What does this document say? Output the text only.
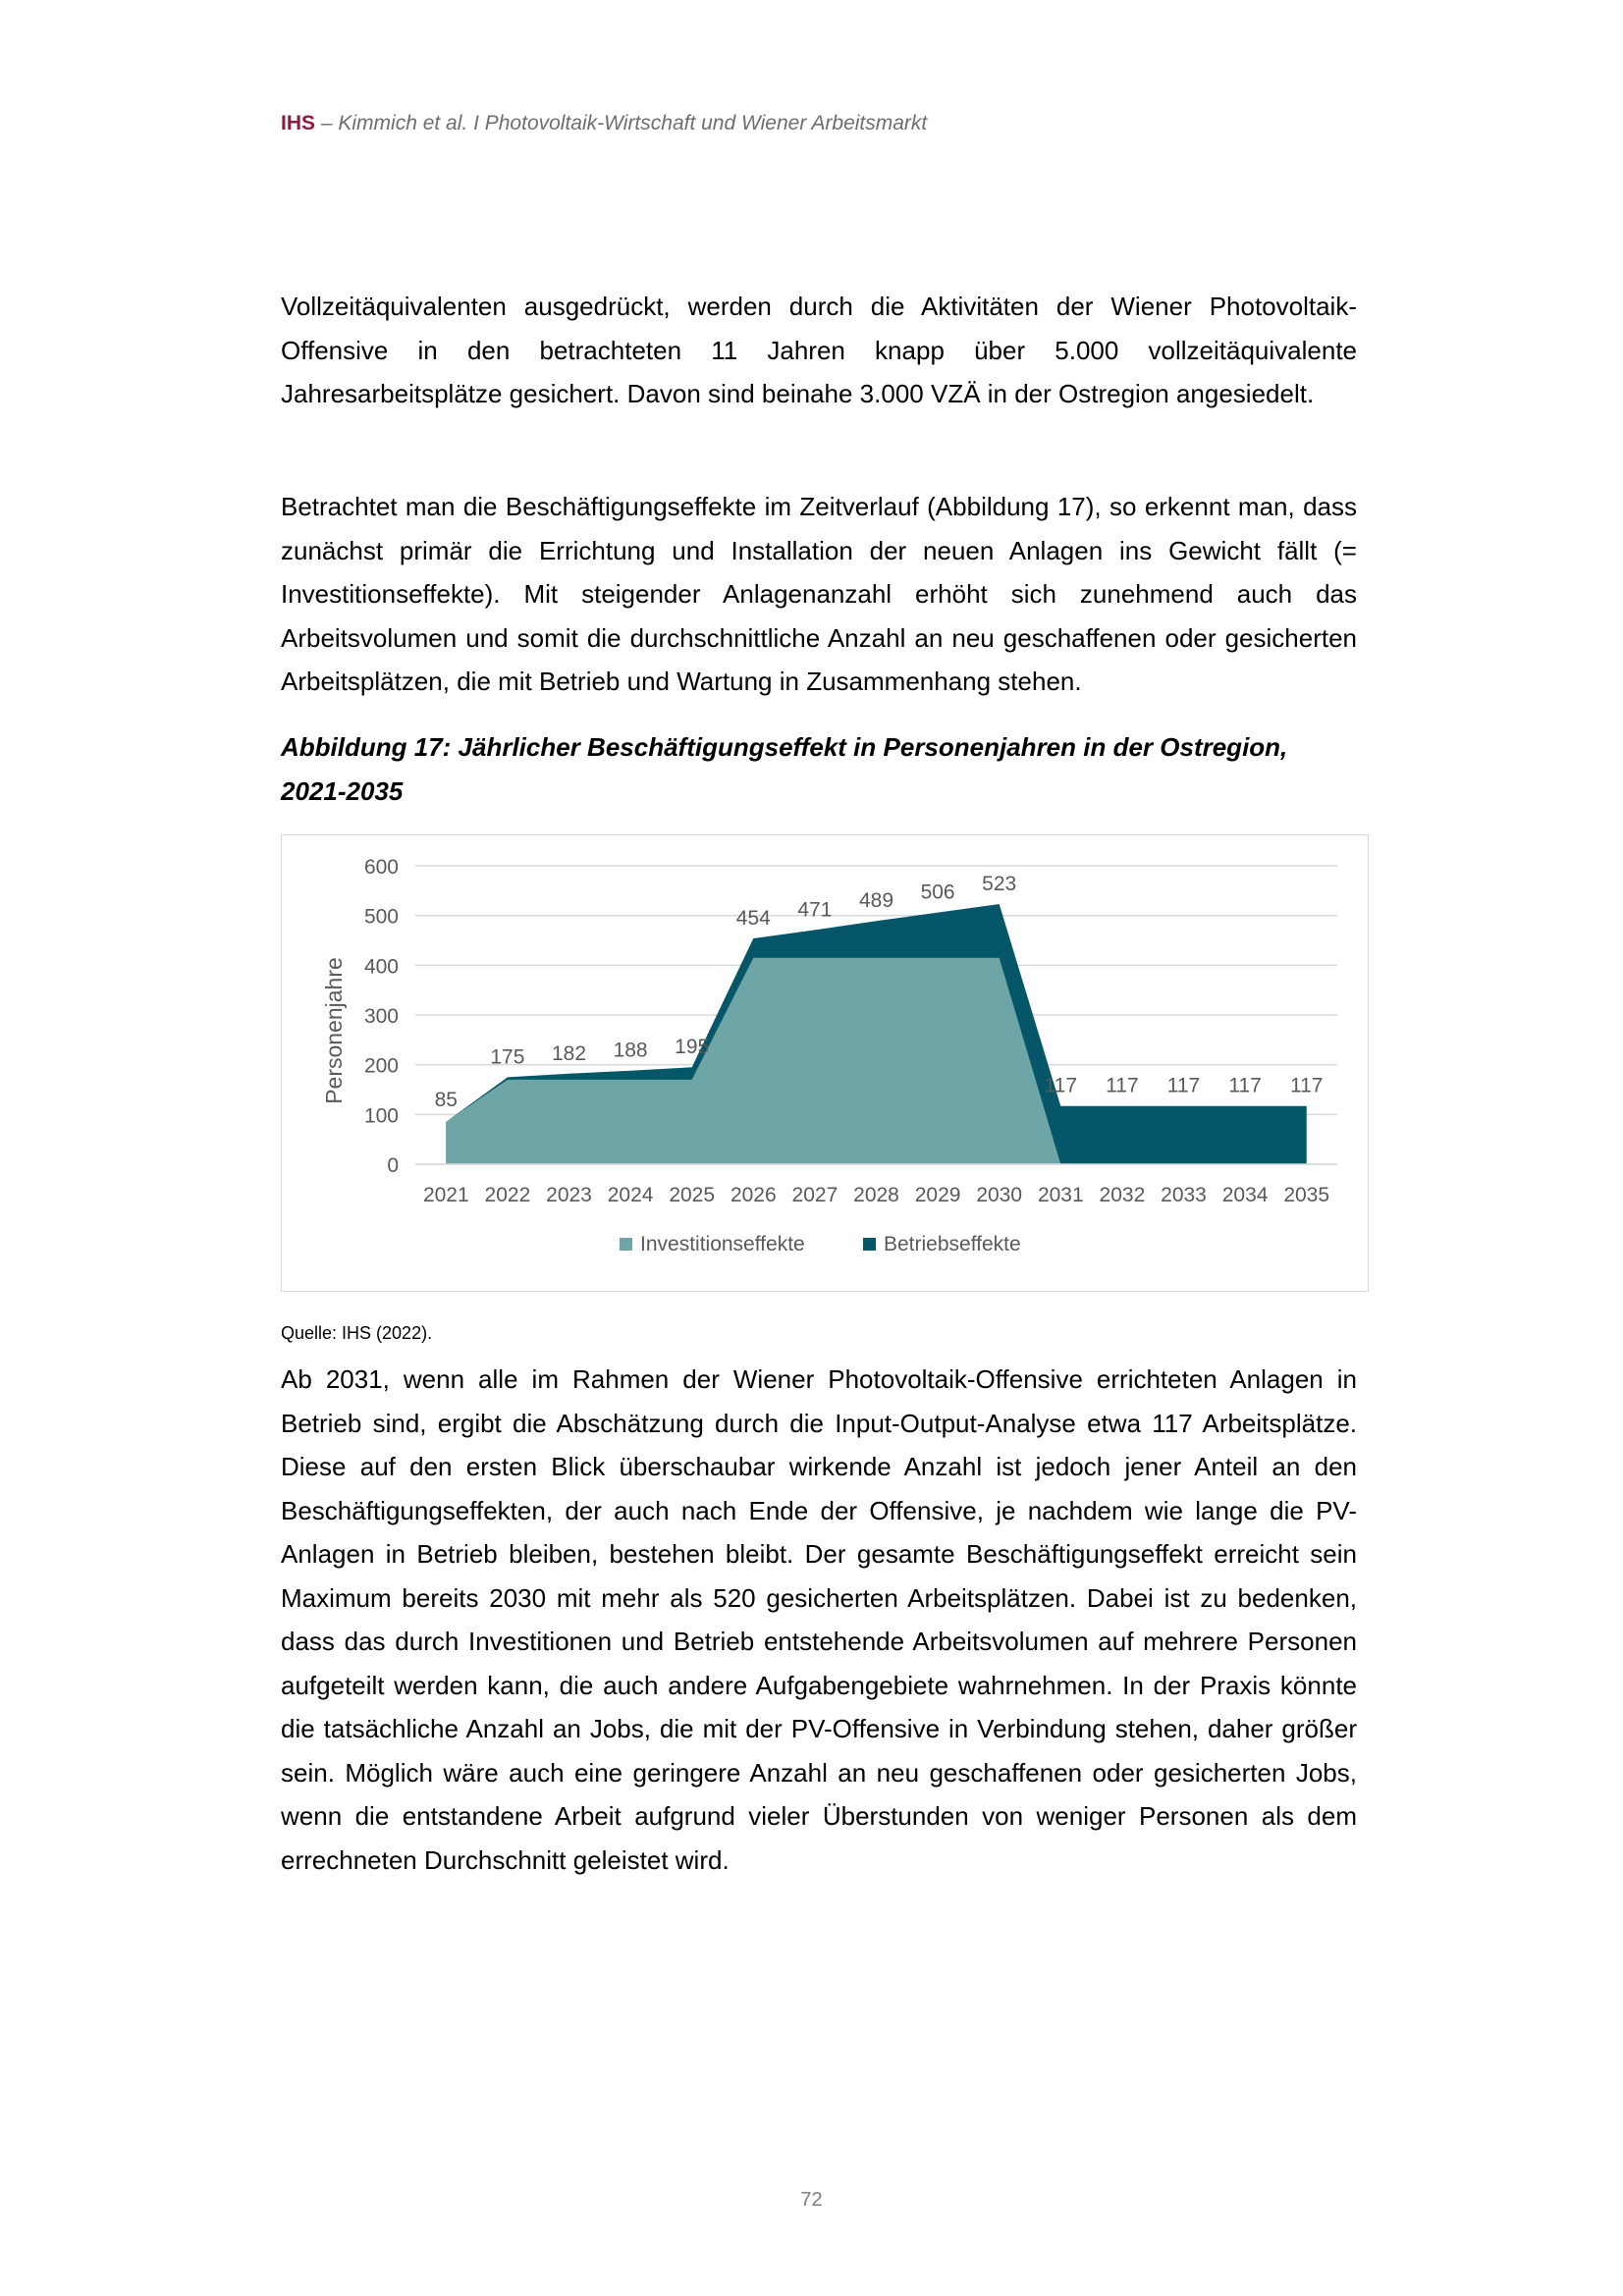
IHS – Kimmich et al. I Photovoltaik-Wirtschaft und Wiener Arbeitsmarkt

Vollzeitäquivalenten ausgedrückt, werden durch die Aktivitäten der Wiener Photovoltaik-Offensive in den betrachteten 11 Jahren knapp über 5.000 vollzeitäquivalente Jahresarbeitsplätze gesichert. Davon sind beinahe 3.000 VZÄ in der Ostregion angesiedelt.

Betrachtet man die Beschäftigungseffekte im Zeitverlauf (Abbildung 17), so erkennt man, dass zunächst primär die Errichtung und Installation der neuen Anlagen ins Gewicht fällt (= Investitionseffekte). Mit steigender Anlagenanzahl erhöht sich zunehmend auch das Arbeitsvolumen und somit die durchschnittliche Anzahl an neu geschaffenen oder gesicherten Arbeitsplätzen, die mit Betrieb und Wartung in Zusammenhang stehen.

Abbildung 17: Jährlicher Beschäftigungseffekt in Personenjahren in der Ostregion, 2021-2035
0
100
200
300
400
500
600
2021 2022 2023 2024 2025 2026 2027 2028 2029 2030 2031 2032 2033 2034 2035
85
175 182 188 195
454 471 489 506 523
117 117 117 117 117
Personenjahre
Investitionseffekte	Betriebseffekte
Quelle: IHS (2022).

Ab 2031, wenn alle im Rahmen der Wiener Photovoltaik-Offensive errichteten Anlagen in Betrieb sind, ergibt die Abschätzung durch die Input-Output-Analyse etwa 117 Arbeitsplätze. Diese auf den ersten Blick überschaubar wirkende Anzahl ist jedoch jener Anteil an den Beschäftigungseffekten, der auch nach Ende der Offensive, je nachdem wie lange die PV-Anlagen in Betrieb bleiben, bestehen bleibt. Der gesamte Beschäftigungseffekt erreicht sein Maximum bereits 2030 mit mehr als 520 gesicherten Arbeitsplätzen. Dabei ist zu bedenken, dass das durch Investitionen und Betrieb entstehende Arbeitsvolumen auf mehrere Personen aufgeteilt werden kann, die auch andere Aufgabengebiete wahrnehmen. In der Praxis könnte die tatsächliche Anzahl an Jobs, die mit der PV-Offensive in Verbindung stehen, daher größer sein. Möglich wäre auch eine geringere Anzahl an neu geschaffenen oder gesicherten Jobs, wenn die entstandene Arbeit aufgrund vieler Überstunden von weniger Personen als dem errechneten Durchschnitt geleistet wird.

72
